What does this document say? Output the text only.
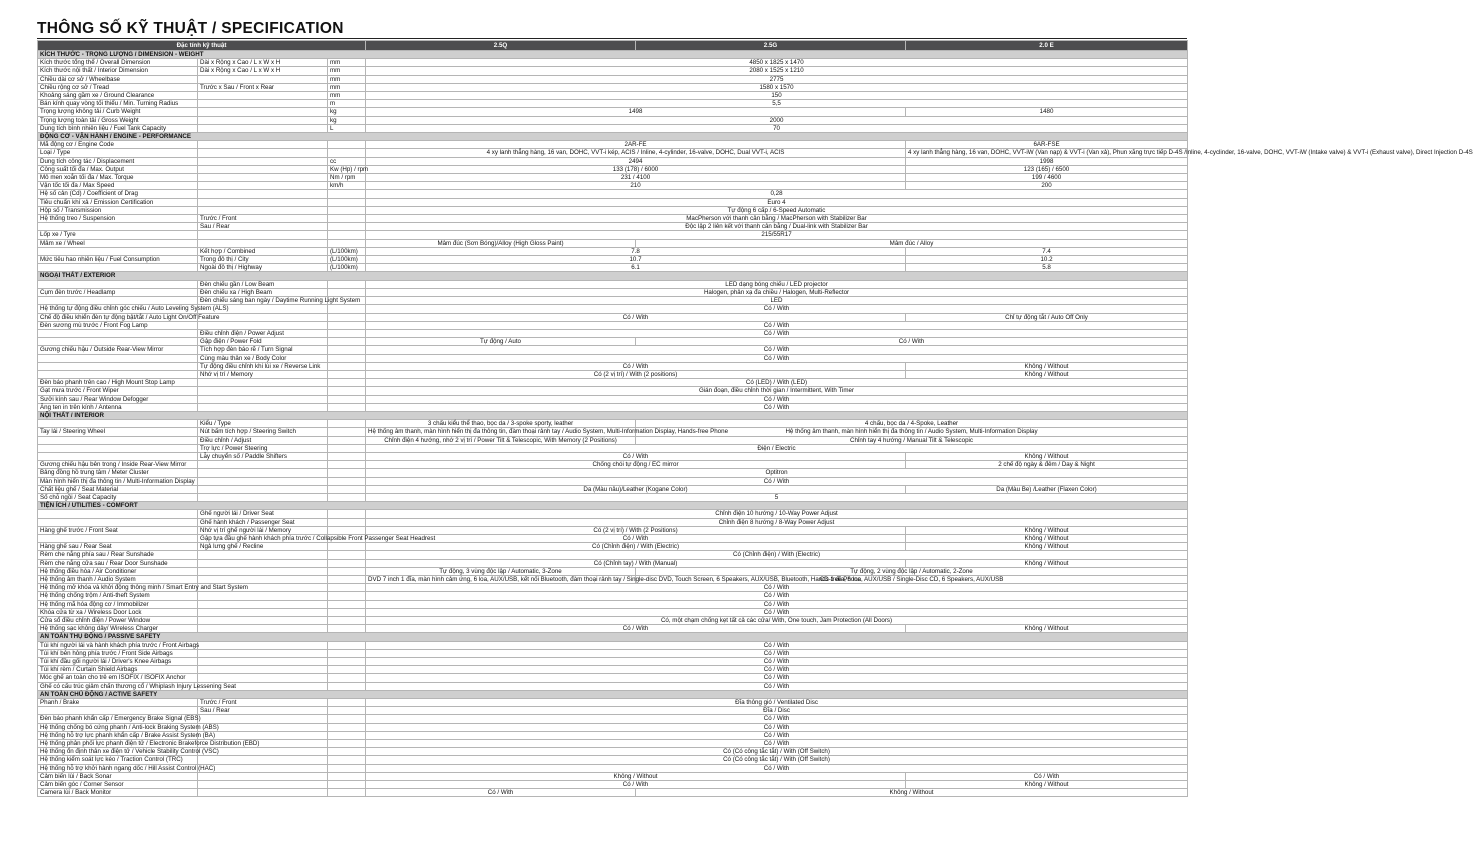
THÔNG SỐ KỸ THUẬT / SPECIFICATION
Đặc tính kỹ thuật			2.5Q	2.5G	2.0 E
KÍCH THƯỚC - TRỌNG LƯỢNG / DIMENSION - WEIGHT					
Kích thước tổng thể / Overall Dimension	Dài x Rộng x Cao / L x W x H	mm	4850 x 1825 x 1470		
Kích thước nội thất / Interior Dimension	Dài x Rộng x Cao / L x W x H	mm	2080 x 1525 x 1210		
Chiều dài cơ sở / Wheelbase		mm	2775		
Chiều rộng cơ sở / Tread	Trước x Sau / Front x Rear	mm	1580 x 1570		
Khoảng sáng gầm xe / Ground Clearance		mm	150		
Bán kính quay vòng tối thiểu / Min. Turning Radius		m	5,5		
Trọng lượng không tải / Curb Weight		kg	1498		1480
Trọng lượng toàn tải / Gross Weight		kg	2000		
Dung tích bình nhiên liệu / Fuel Tank Capacity		L	70		
ĐỘNG CƠ - VẬN HÀNH / ENGINE - PERFORMANCE					
Mã động cơ / Engine Code			2AR-FE		6AR-FSE
Loại / Type			4 xy lanh thẳng hàng, 16 van, DOHC, VVT-i kép, ACIS / Inline, 4-cylinder, 16-valve, DOHC, Dual VVT-i, ACIS		4 xy lanh thẳng hàng, 16 van, DOHC, VVT-iW (Van nạp) & VVT-i (Van xả), Phun xăng trực tiếp D-4S /Inline, 4-cyclinder, 16-valve, DOHC, VVT-iW (Intake valve) & VVT-i (Exhaust valve), Direct Injection D-4S
Dung tích công tác / Displacement		cc	2494		1998
Công suất tối đa / Max. Output		Kw (Hp) / rpm	133 (178) / 6000		123 (165) / 6500
Mô men xoắn tối đa / Max. Torque		Nm / rpm	231 / 4100		199 / 4600
Vận tốc tối đa / Max Speed		km/h	210		200
Hệ số cản (Cd) / Coefficient of Drag			0,28		
Tiêu chuẩn khí xả / Emission Certification			Euro 4		
Hộp số / Transmission			Tự động 6 cấp / 6-Speed Automatic		
Hệ thống treo / Suspension	Trước / Front		MacPherson với thanh cân bằng / MacPherson with Stabilizer Bar		
	Sau / Rear		Độc lập 2 liên kết với thanh cân bằng / Dual-link with Stabilizer Bar		
Lốp xe / Tyre			215/55R17		
Mâm xe / Wheel			Mâm đúc (Sơn Bóng)/Alloy (High Gloss Paint)	Mâm đúc / Alloy	
	Kết hợp / Combined	(L/100km)	7.8		7.4
Mức tiêu hao nhiên liệu / Fuel Consumption	Trong đô thị / City	(L/100km)	10.7		10.2
	Ngoài đô thị / Highway	(L/100km)	6.1		5.8
NGOẠI THẤT / EXTERIOR					
	Đèn chiếu gần / Low Beam		LED dạng bóng chiếu / LED projector		
Cụm đèn trước / Headlamp	Đèn chiếu xa / High Beam		Halogen, phản xạ đa chiều / Halogen, Multi-Reflector		
	Đèn chiếu sáng ban ngày / Daytime Running Light System		LED		
Hệ thống tự động điều chỉnh góc chiếu / Auto Leveling System (ALS)			Có / With		
Chế độ điều khiển đèn tự động bật/tắt / Auto Light On/Off Feature			Có / With		Chỉ tự động tắt / Auto Off Only
Đèn sương mù trước / Front Fog Lamp			Có / With		
	Điều chỉnh điện / Power Adjust		Có / With		
	Gập điện / Power Fold		Tự động / Auto	Có / With	
Gương chiếu hậu / Outside Rear-View Mirror	Tích hợp đèn báo rẽ / Turn Signal		Có / With		
	Cùng màu thân xe / Body Color		Có / With		
	Tự động điều chỉnh khi lùi xe / Reverse Link		Có / With		Không / Without
	Nhớ vị trí / Memory		Có (2 vị trí) / With (2 positions)		Không / Without
Đèn báo phanh trên cao / High Mount Stop Lamp			Có (LED) / With (LED)		
Gạt mưa trước / Front Wiper			Gián đoạn, điều chỉnh thời gian / Intermittent, With Timer		
Sưởi kính sau / Rear Window Defogger			Có / With		
Ăng ten in trên kính / Antenna			Có / With		
NỘI THẤT / INTERIOR					
	Kiểu / Type		3 chấu kiểu thể thao, bọc da / 3-spoke sporty, leather	4 chấu, bọc da / 4-Spoke, Leather	
Tay lái / Steering Wheel	Nút bấm tích hợp / Steering Switch		Hệ thống âm thanh, màn hình hiển thị đa thông tin, đàm thoại rảnh tay / Audio System, Multi-Information Display, Hands-free Phone	Hệ thống âm thanh, màn hình hiển thị đa thông tin / Audio System, Multi-Information Display	
	Điều chỉnh / Adjust		Chỉnh điện 4 hướng, nhớ 2 vị trí / Power Tilt & Telescopic, With Memory (2 Positions)	Chỉnh tay 4 hướng / Manual Tilt & Telescopic	
	Trợ lực / Power Steering		Điện / Electric		
	Lẫy chuyển số / Paddle Shifters		Có / With		Không / Without
Gương chiếu hậu bên trong / Inside Rear-View Mirror			Chống chói tự động / EC mirror		2 chế độ ngày & đêm / Day & Night
Bảng đồng hồ trung tâm / Meter Cluster			Optitron		
Màn hình hiển thị đa thông tin / Multi-Information Display			Có / With		
Chất liệu ghế / Seat Material			Da (Màu nâu)/Leather (Kogane Color)		Da (Màu Be) /Leather (Flaxen Color)
Số chỗ ngồi / Seat Capacity			5		
TIỆN ÍCH / UTILITIES - COMFORT					
	Ghế người lái / Driver Seat		Chỉnh điện 10 hướng / 10-Way Power Adjust		
	Ghế hành khách / Passenger Seat		Chỉnh điện 8 hướng / 8-Way Power Adjust		
Hàng ghế trước / Front Seat	Nhớ vị trí ghế người lái / Memory		Có (2 vị trí) / With (2 Positions)		Không / Without
	Gập tựa đầu ghế hành khách phía trước / Collapsible Front Passenger Seat Headrest		Có / With		Không / Without
Hàng ghế sau / Rear Seat	Ngả lưng ghế / Recline		Có (Chỉnh điện) / With (Electric)		Không / Without
Rèm che nắng phía sau / Rear Sunshade			Có (Chỉnh điện) / With (Electric)		
Rèm che nắng cửa sau / Rear Door Sunshade			Có (Chỉnh tay) / With (Manual)		Không / Without
Hệ thống điều hòa / Air Conditioner			Tự động, 3 vùng độc lập / Automatic, 3-Zone	Tự động, 2 vùng độc lập / Automatic, 2-Zone	
Hệ thống âm thanh / Audio System			DVD 7 inch 1 đĩa, màn hình cảm ứng, 6 loa, AUX/USB, kết nối Bluetooth, đàm thoại rảnh tay / Single-disc DVD, Touch Screen, 6 Speakers, AUX/USB, Bluetooth, Hands-free Phone	CD 1 đĩa, 6 loa, AUX/USB / Single-Disc CD, 6 Speakers, AUX/USB	
Hệ thống mở khóa và khởi động thông minh / Smart Entry and Start System			Có / With		
Hệ thống chống trộm / Anti-theft System			Có / With		
Hệ thống mã hóa động cơ / Immobilizer			Có / With		
Khóa cửa từ xa / Wireless Door Lock			Có / With		
Cửa sổ điều chỉnh điện / Power Window			Có, một chạm chống kẹt tất cả các cửa/ With, One touch, Jam Protection (All Doors)		
Hệ thống sạc không dây/ Wireless Charger			Có / With		Không / Without
AN TOÀN THỤ ĐỘNG / PASSIVE SAFETY					
Túi khí người lái và hành khách phía trước / Front Airbags			Có / With		
Túi khí bên hông phía trước / Front Side Airbags			Có / With		
Túi khí đầu gối người lái / Driver's Knee Airbags			Có / With		
Túi khí rèm / Curtain Shield Airbags			Có / With		
Móc ghế an toàn cho trẻ em ISOFIX / ISOFIX Anchor			Có / With		
Ghế có cấu trúc giảm chấn thương cổ / Whiplash Injury Lessening Seat			Có / With		
AN TOÀN CHỦ ĐỘNG / ACTIVE SAFETY					
Phanh / Brake	Trước / Front		Đĩa thông gió / Ventilated Disc		
	Sau / Rear		Đĩa / Disc		
Đèn báo phanh khẩn cấp / Emergency Brake Signal (EBS)			Có / With		
Hệ thống chống bó cứng phanh / Anti-lock Braking System (ABS)			Có / With		
Hệ thống hỗ trợ lực phanh khẩn cấp / Brake Assist System (BA)			Có / With		
Hệ thống phân phối lực phanh điện tử / Electronic Brakeforce Distribution (EBD)			Có / With		
Hệ thống ổn định thân xe điện tử / Vehicle Stability Control (VSC)			Có (Có công tắc tắt) / With (Off Switch)		
Hệ thống kiểm soát lực kéo / Traction Control (TRC)			Có (Có công tắc tắt) / With (Off Switch)		
Hệ thống hỗ trợ khởi hành ngang dốc / Hill Assist Control (HAC)			Có / With		
Cảm biến lùi / Back Sonar			Không / Without		Có / With
Cảm biến góc / Corner Sensor			Có / With		Không / Without
Camera lùi / Back Monitor			Có / With	Không / Without	
